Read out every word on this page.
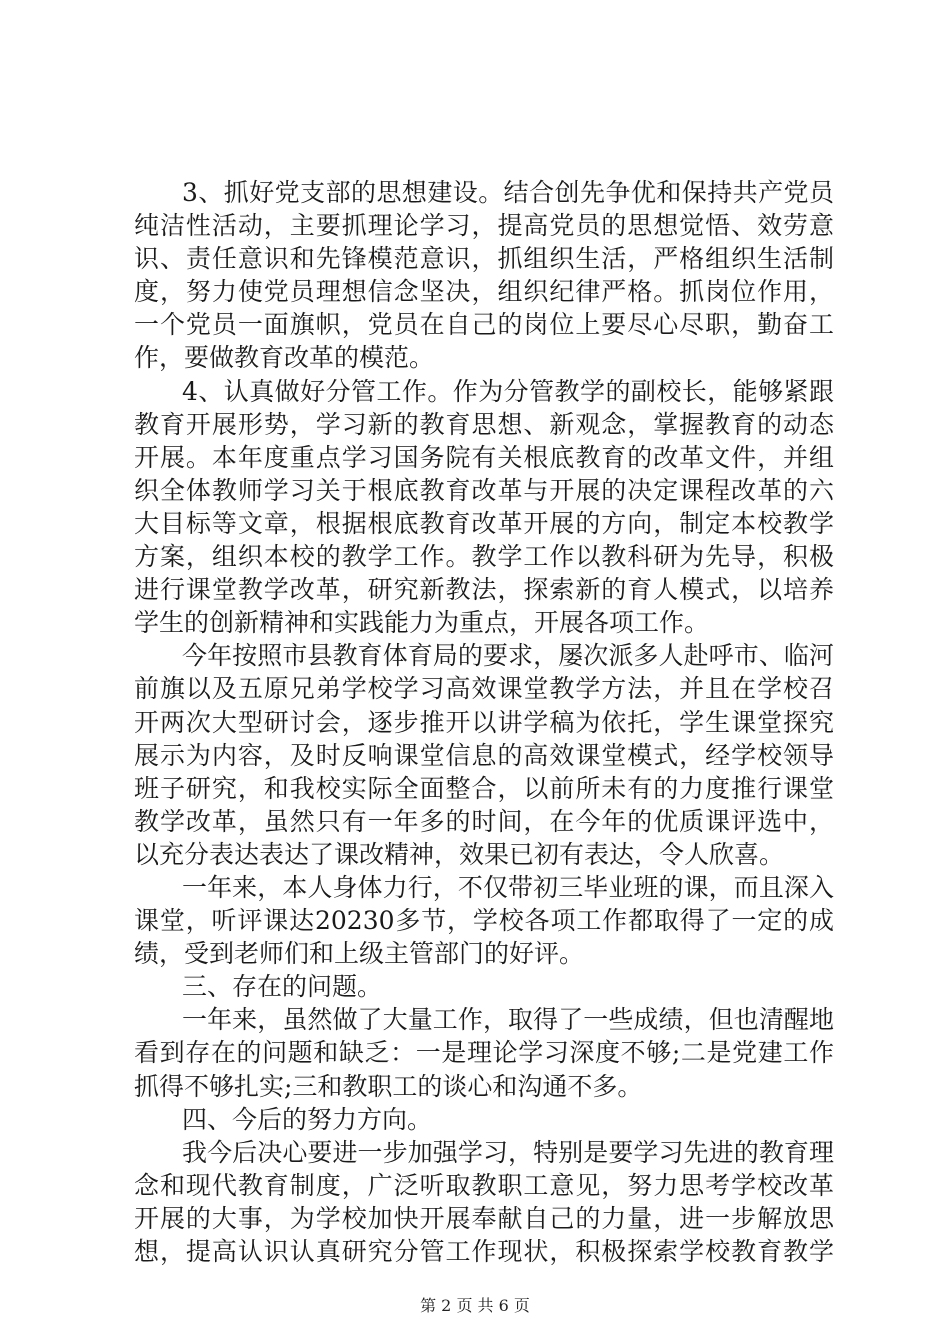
3、抓好党支部的思想建设。结合创先争优和保持共产党员
纯洁性活动，主要抓理论学习，提高党员的思想觉悟、效劳意
识、责任意识和先锋模范意识，抓组织生活，严格组织生活制
度，努力使党员理想信念坚决，组织纪律严格。抓岗位作用，
一个党员一面旗帜，党员在自己的岗位上要尽心尽职，勤奋工
作，要做教育改革的模范。
4、认真做好分管工作。作为分管教学的副校长，能够紧跟
教育开展形势，学习新的教育思想、新观念，掌握教育的动态
开展。本年度重点学习国务院有关根底教育的改革文件，并组
织全体教师学习关于根底教育改革与开展的决定课程改革的六
大目标等文章，根据根底教育改革开展的方向，制定本校教学
方案，组织本校的教学工作。教学工作以教科研为先导，积极
进行课堂教学改革，研究新教法，探索新的育人模式，以培养
学生的创新精神和实践能力为重点，开展各项工作。
今年按照市县教育体育局的要求，屡次派多人赴呼市、临河
前旗以及五原兄弟学校学习高效课堂教学方法，并且在学校召
开两次大型研讨会，逐步推开以讲学稿为依托，学生课堂探究
展示为内容，及时反响课堂信息的高效课堂模式，经学校领导
班子研究，和我校实际全面整合，以前所未有的力度推行课堂
教学改革，虽然只有一年多的时间，在今年的优质课评选中，
以充分表达表达了课改精神，效果已初有表达，令人欣喜。
一年来，本人身体力行，不仅带初三毕业班的课，而且深入
课堂，听评课达20230多节，学校各项工作都取得了一定的成
绩，受到老师们和上级主管部门的好评。
三、存在的问题。
一年来，虽然做了大量工作，取得了一些成绩，但也清醒地
看到存在的问题和缺乏：一是理论学习深度不够;二是党建工作
抓得不够扎实;三和教职工的谈心和沟通不多。
四、今后的努力方向。
我今后决心要进一步加强学习，特别是要学习先进的教育理
念和现代教育制度，广泛听取教职工意见，努力思考学校改革
开展的大事，为学校加快开展奉献自己的力量，进一步解放思
想，提高认识认真研究分管工作现状，积极探索学校教育教学
第 2 页 共 6 页
